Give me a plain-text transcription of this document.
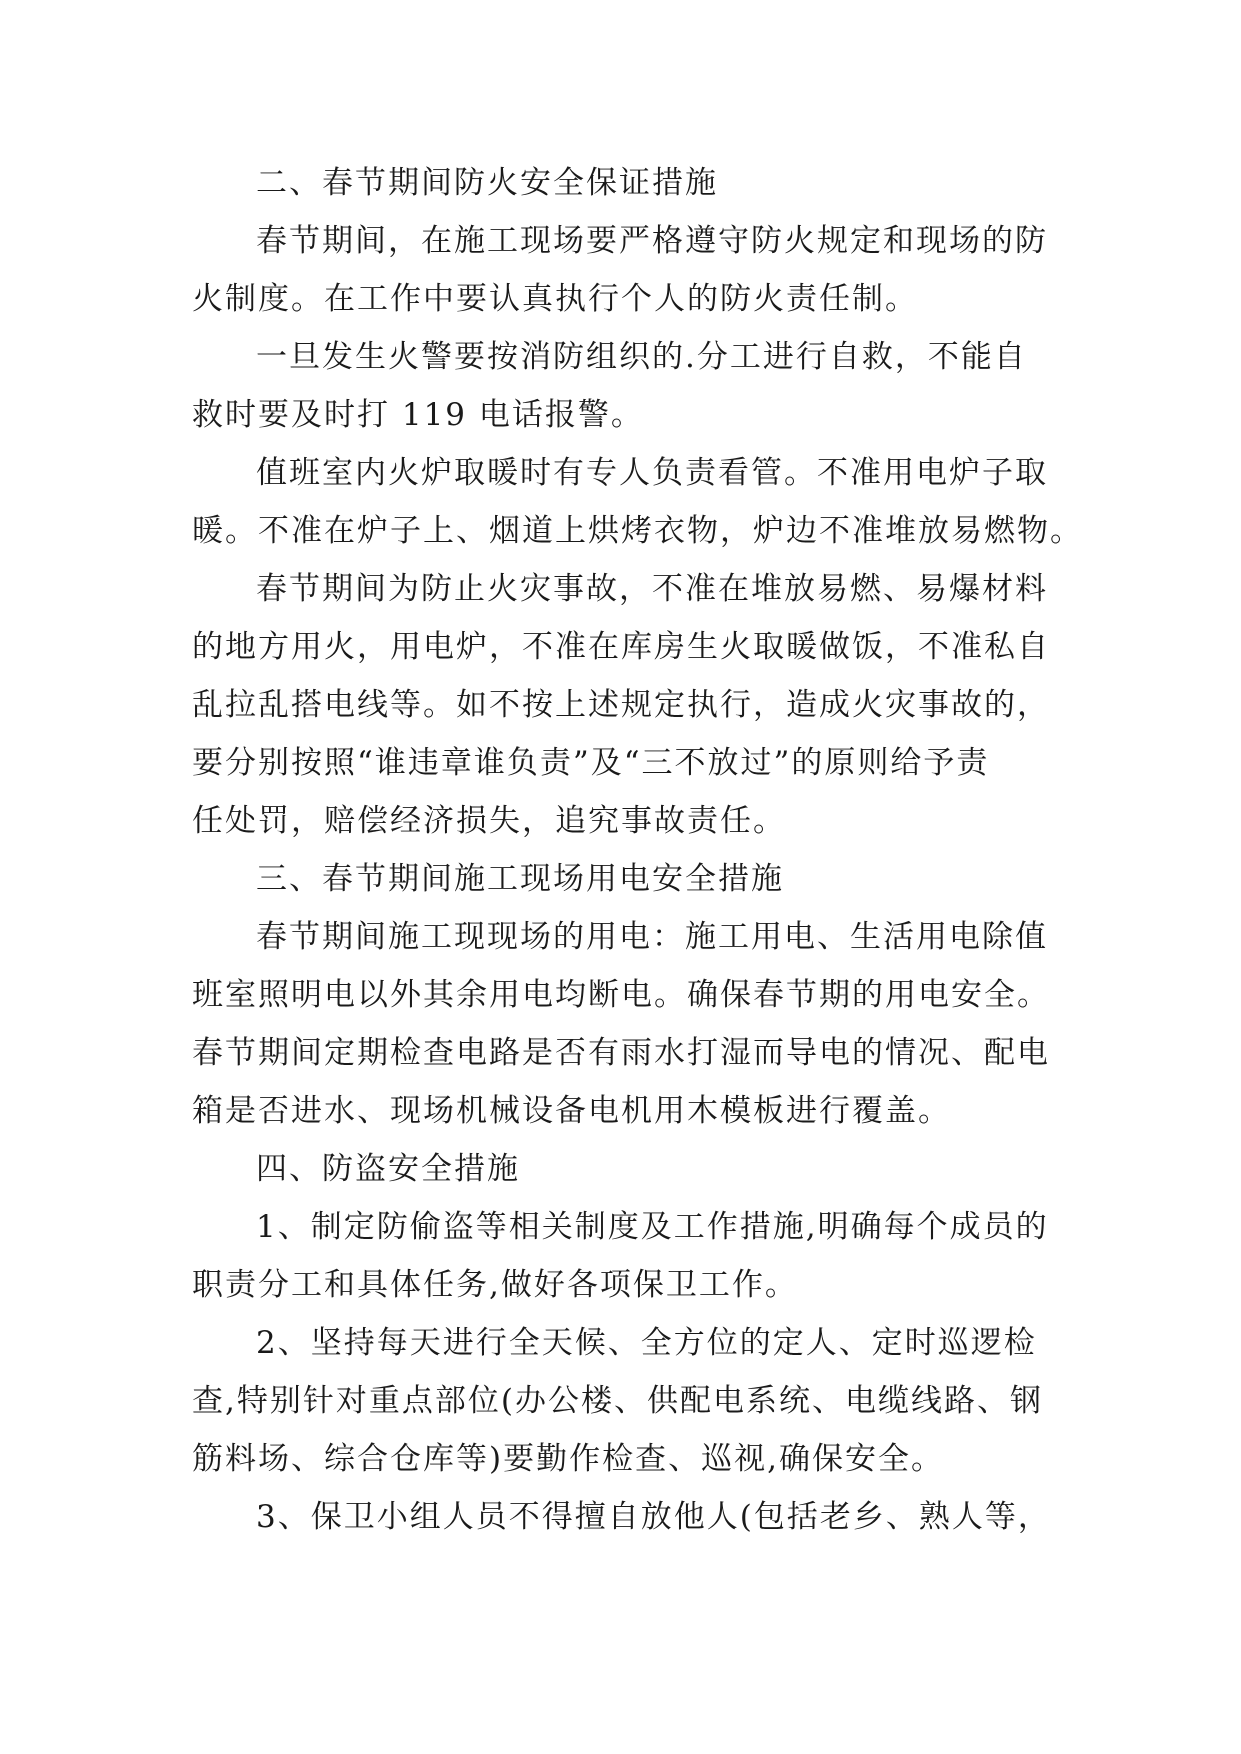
二、春节期间防火安全保证措施
春节期间，在施工现场要严格遵守防火规定和现场的防
火制度。在工作中要认真执行个人的防火责任制。
一旦发生火警要按消防组织的.分工进行自救，不能自
救时要及时打 119 电话报警。
值班室内火炉取暖时有专人负责看管。不准用电炉子取
暖。不准在炉子上、烟道上烘烤衣物，炉边不准堆放易燃物。
春节期间为防止火灾事故，不准在堆放易燃、易爆材料
的地方用火，用电炉，不准在库房生火取暖做饭，不准私自
乱拉乱搭电线等。如不按上述规定执行，造成火灾事故的，
要分别按照“谁违章谁负责”及“三不放过”的原则给予责
任处罚，赔偿经济损失，追究事故责任。
三、春节期间施工现场用电安全措施
春节期间施工现现场的用电：施工用电、生活用电除值
班室照明电以外其余用电均断电。确保春节期的用电安全。
春节期间定期检查电路是否有雨水打湿而导电的情况、配电
箱是否进水、现场机械设备电机用木模板进行覆盖。
四、防盗安全措施
1、制定防偷盗等相关制度及工作措施,明确每个成员的
职责分工和具体任务,做好各项保卫工作。
2、坚持每天进行全天候、全方位的定人、定时巡逻检
查,特别针对重点部位(办公楼、供配电系统、电缆线路、钢
筋料场、综合仓库等)要勤作检查、巡视,确保安全。
3、保卫小组人员不得擅自放他人(包括老乡、熟人等，
